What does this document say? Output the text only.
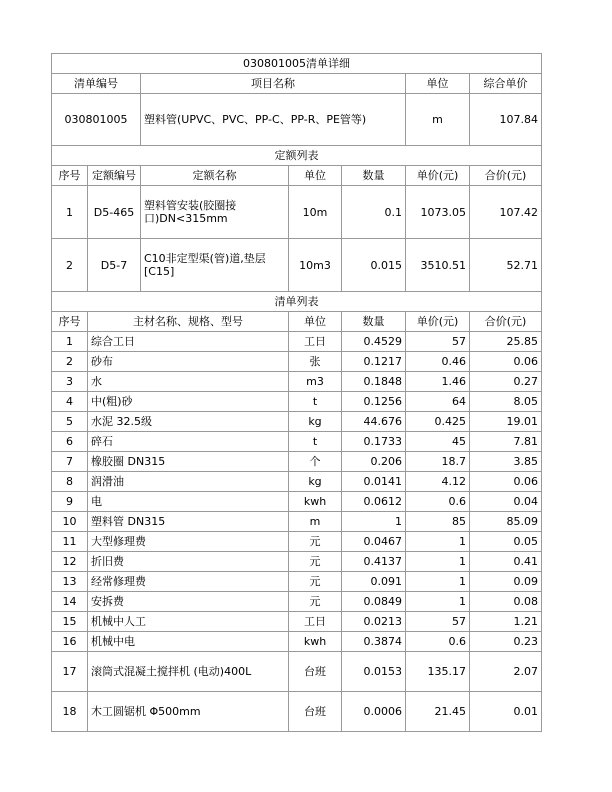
030801005清单详细						
清单编号		项目名称			单位	综合单价
030801005		塑料管(UPVC、PVC、PP-C、PP-R、PE管等)			m	107.84
定额列表						
序号	定额编号	定额名称	单位	数量	单价(元)	合价(元)
1	D5-465	塑料管安装(胶圈接口)DN<315mm	10m	0.1	1073.05	107.42
2	D5-7	C10非定型渠(管)道,垫层[C15]	10m3	0.015	3510.51	52.71
清单列表						
序号	主材名称、规格、型号		单位	数量	单价(元)	合价(元)
1	综合工日		工日	0.4529	57	25.85
2	砂布		张	0.1217	0.46	0.06
3	水		m3	0.1848	1.46	0.27
4	中(粗)砂		t	0.1256	64	8.05
5	水泥 32.5级		kg	44.676	0.425	19.01
6	碎石		t	0.1733	45	7.81
7	橡胶圈 DN315		个	0.206	18.7	3.85
8	润滑油		kg	0.0141	4.12	0.06
9	电		kwh	0.0612	0.6	0.04
10	塑料管 DN315		m	1	85	85.09
11	大型修理费		元	0.0467	1	0.05
12	折旧费		元	0.4137	1	0.41
13	经常修理费		元	0.091	1	0.09
14	安拆费		元	0.0849	1	0.08
15	机械中人工		工日	0.0213	57	1.21
16	机械中电		kwh	0.3874	0.6	0.23
17	滚筒式混凝土搅拌机 (电动)400L		台班	0.0153	135.17	2.07
18	木工圆锯机 Φ500mm		台班	0.0006	21.45	0.01
